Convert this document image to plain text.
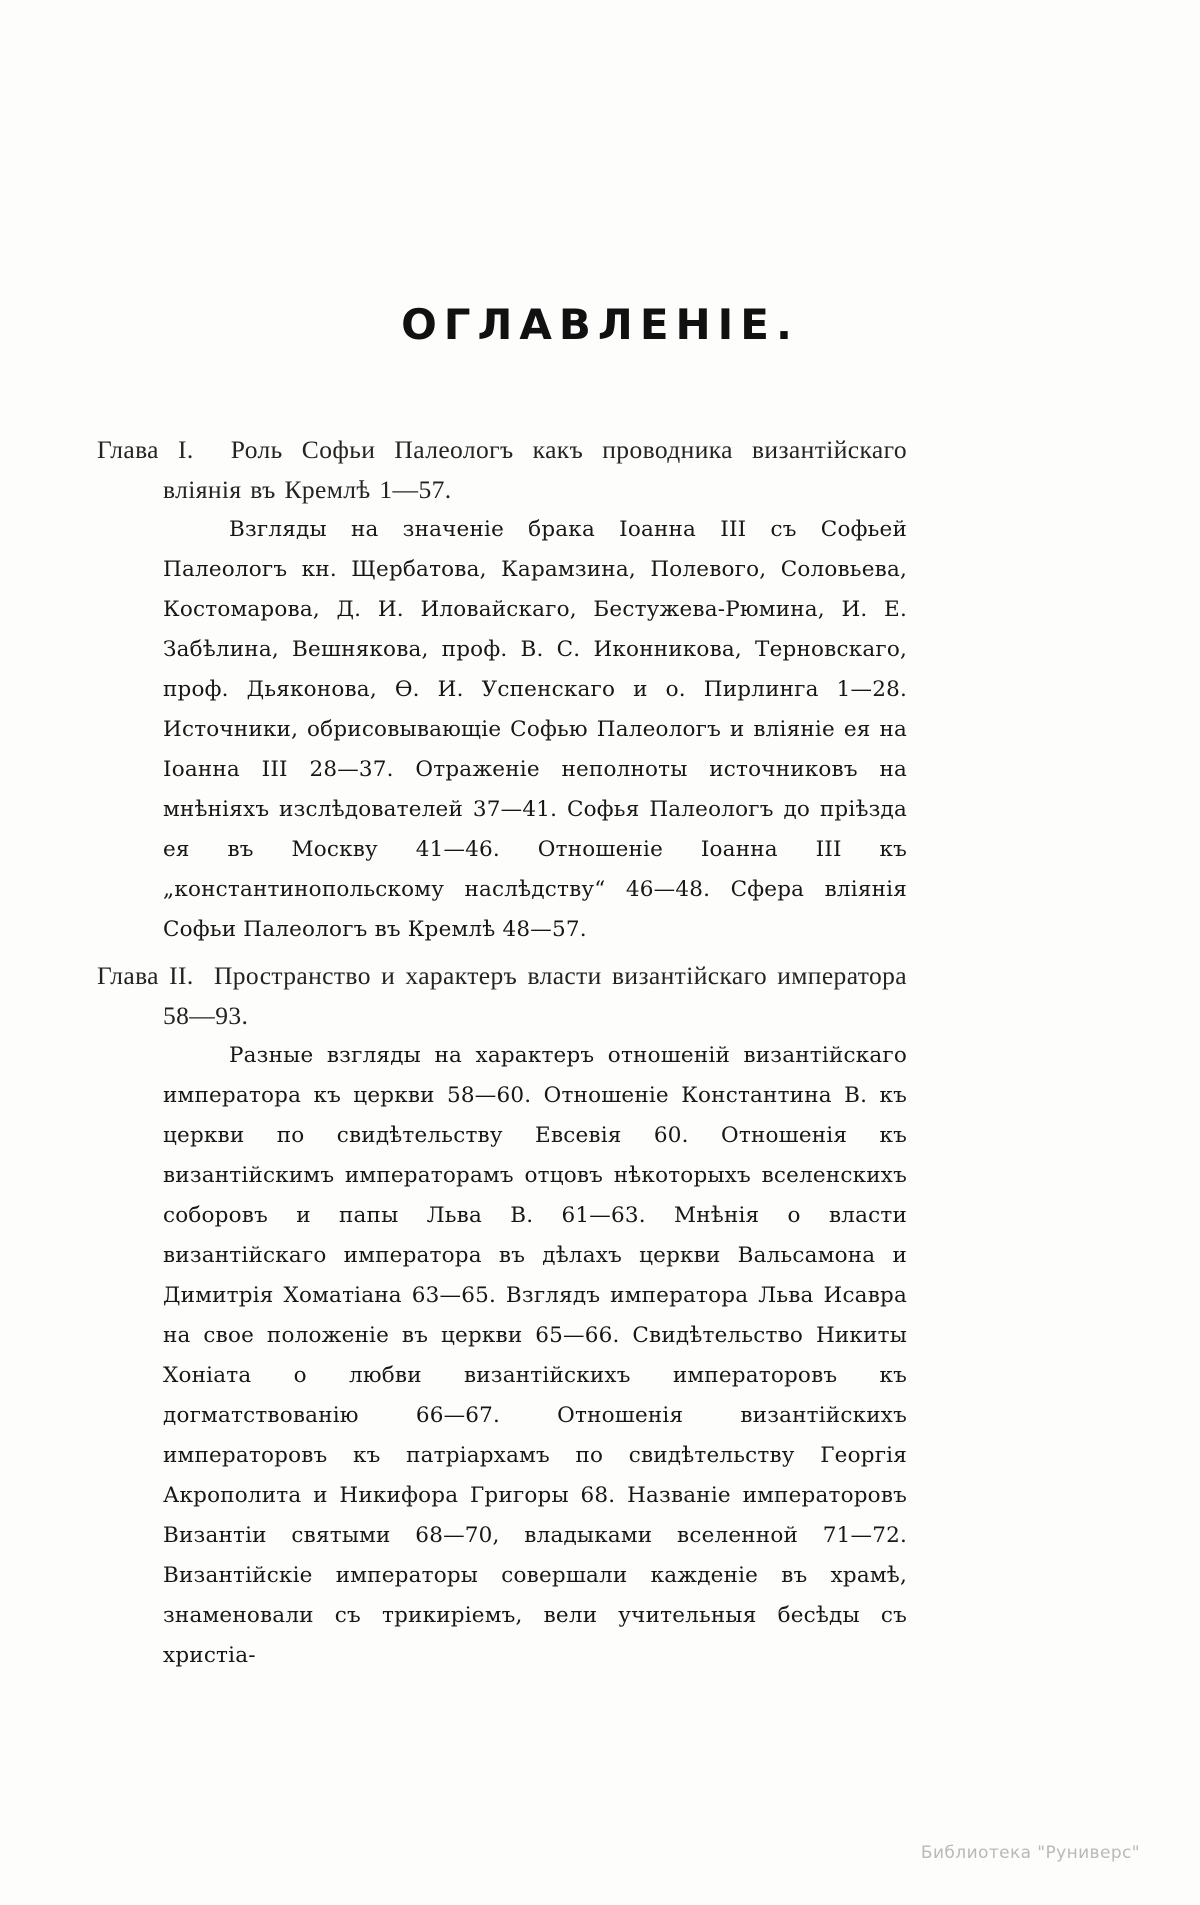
ОГЛАВЛЕНІЕ.
Глава I. Роль Софьи Палеологъ какъ проводника византійскаго вліянія въ Кремлѣ 1—57.
Взгляды на значеніе брака Іоанна III съ Софьей Палеологъ кн. Щербатова, Карамзина, Полевого, Соловьева, Костомарова, Д. И. Иловайскаго, Бестужева-Рюмина, И. Е. Забѣлина, Вешнякова, проф. В. С. Иконникова, Терновскаго, проф. Дьяконова, Ѳ. И. Успенскаго и о. Пирлинга 1—28. Источники, обрисовывающіе Софью Палеологъ и вліяніе ея на Іоанна III 28—37. Отраженіе неполноты источниковъ на мнѣніяхъ изслѣдователей 37—41. Софья Палеологъ до пріѣзда ея въ Москву 41—46. Отношеніе Іоанна III къ „константинопольскому наслѣдству“ 46—48. Сфера вліянія Софьи Палеологъ въ Кремлѣ 48—57.
Глава II. Пространство и характеръ власти византійскаго императора 58—93.
Разные взгляды на характеръ отношеній византійскаго императора къ церкви 58—60. Отношеніе Константина В. къ церкви по свидѣтельству Евсевія 60. Отношенія къ византійскимъ императорамъ отцовъ нѣкоторыхъ вселенскихъ соборовъ и папы Льва В. 61—63. Мнѣнія о власти византійскаго императора въ дѣлахъ церкви Вальсамона и Димитрія Хоматіана 63—65. Взглядъ императора Льва Исавра на свое положеніе въ церкви 65—66. Свидѣтельство Никиты Хоніата о любви византійскихъ императоровъ къ догматствованію 66—67. Отношенія византійскихъ императоровъ къ патріархамъ по свидѣтельству Георгія Акрополита и Никифора Григоры 68. Названіе императоровъ Византіи святыми 68—70, владыками вселенной 71—72. Византійскіе императоры совершали кажденіе въ храмѣ, знаменовали съ трикиріемъ, вели учительныя бесѣды съ христіа-
Библиотека "Руниверс"
